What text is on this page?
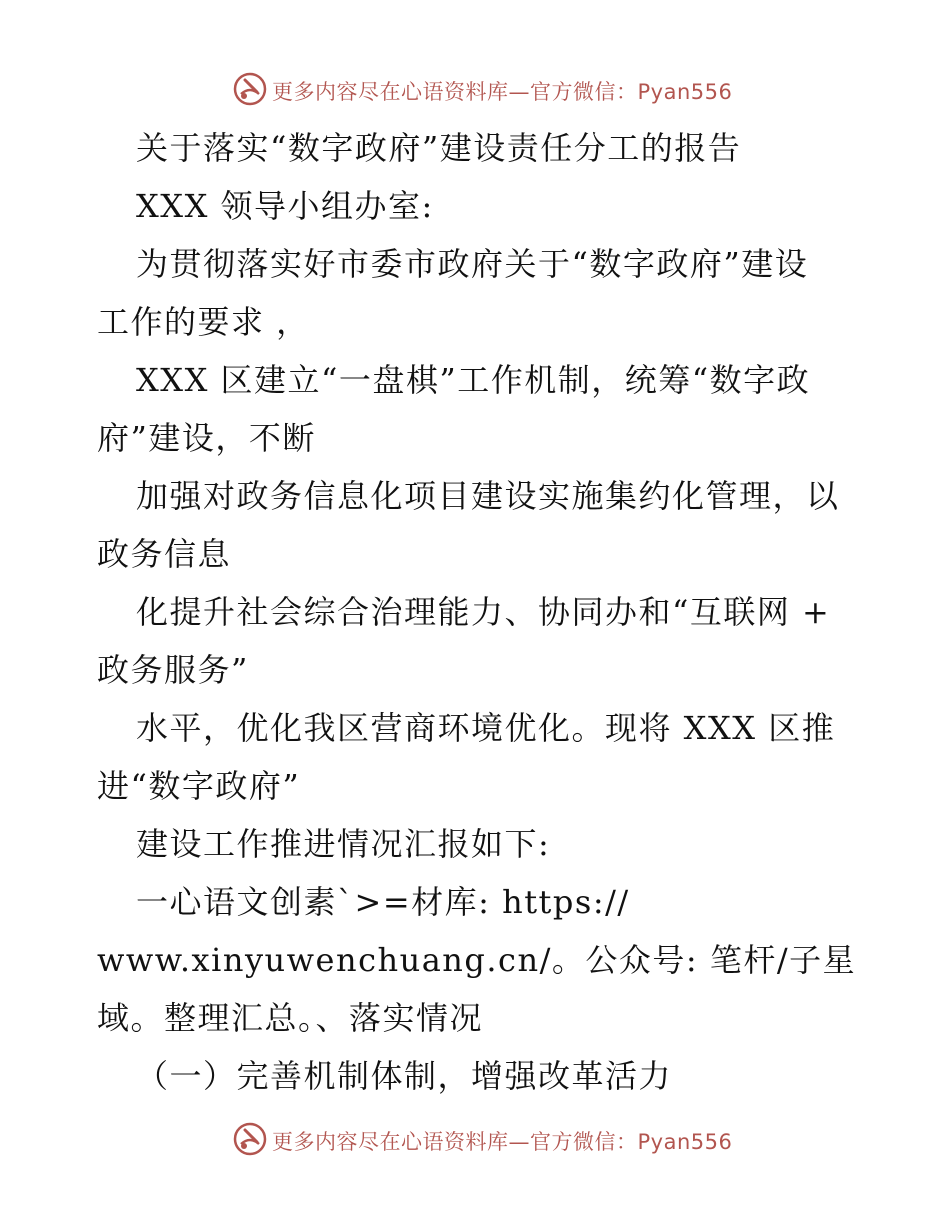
更多内容尽在心语资料库—官方微信：Pyan556
关于落实“数字政府”建设责任分工的报告
XXX 领导小组办室:
为贯彻落实好市委市政府关于“数字政府”建设
工作的要求 ，
XXX 区建立“一盘棋”工作机制，统筹“数字政
府”建设，不断
加强对政务信息化项目建设实施集约化管理，以
政务信息
化提升社会综合治理能力、协同办和“互联网 +
政务服务”
水平，优化我区营商环境优化。现将 XXX 区推
进“数字政府”
建设工作推进情况汇报如下:
一心语文创素`>=材库: https://
www.xinyuwenchuang.cn/。公众号: 笔杆/子星
域。整理汇总。、落实情况
（一）完善机制体制，增强改革活力
更多内容尽在心语资料库—官方微信：Pyan556
